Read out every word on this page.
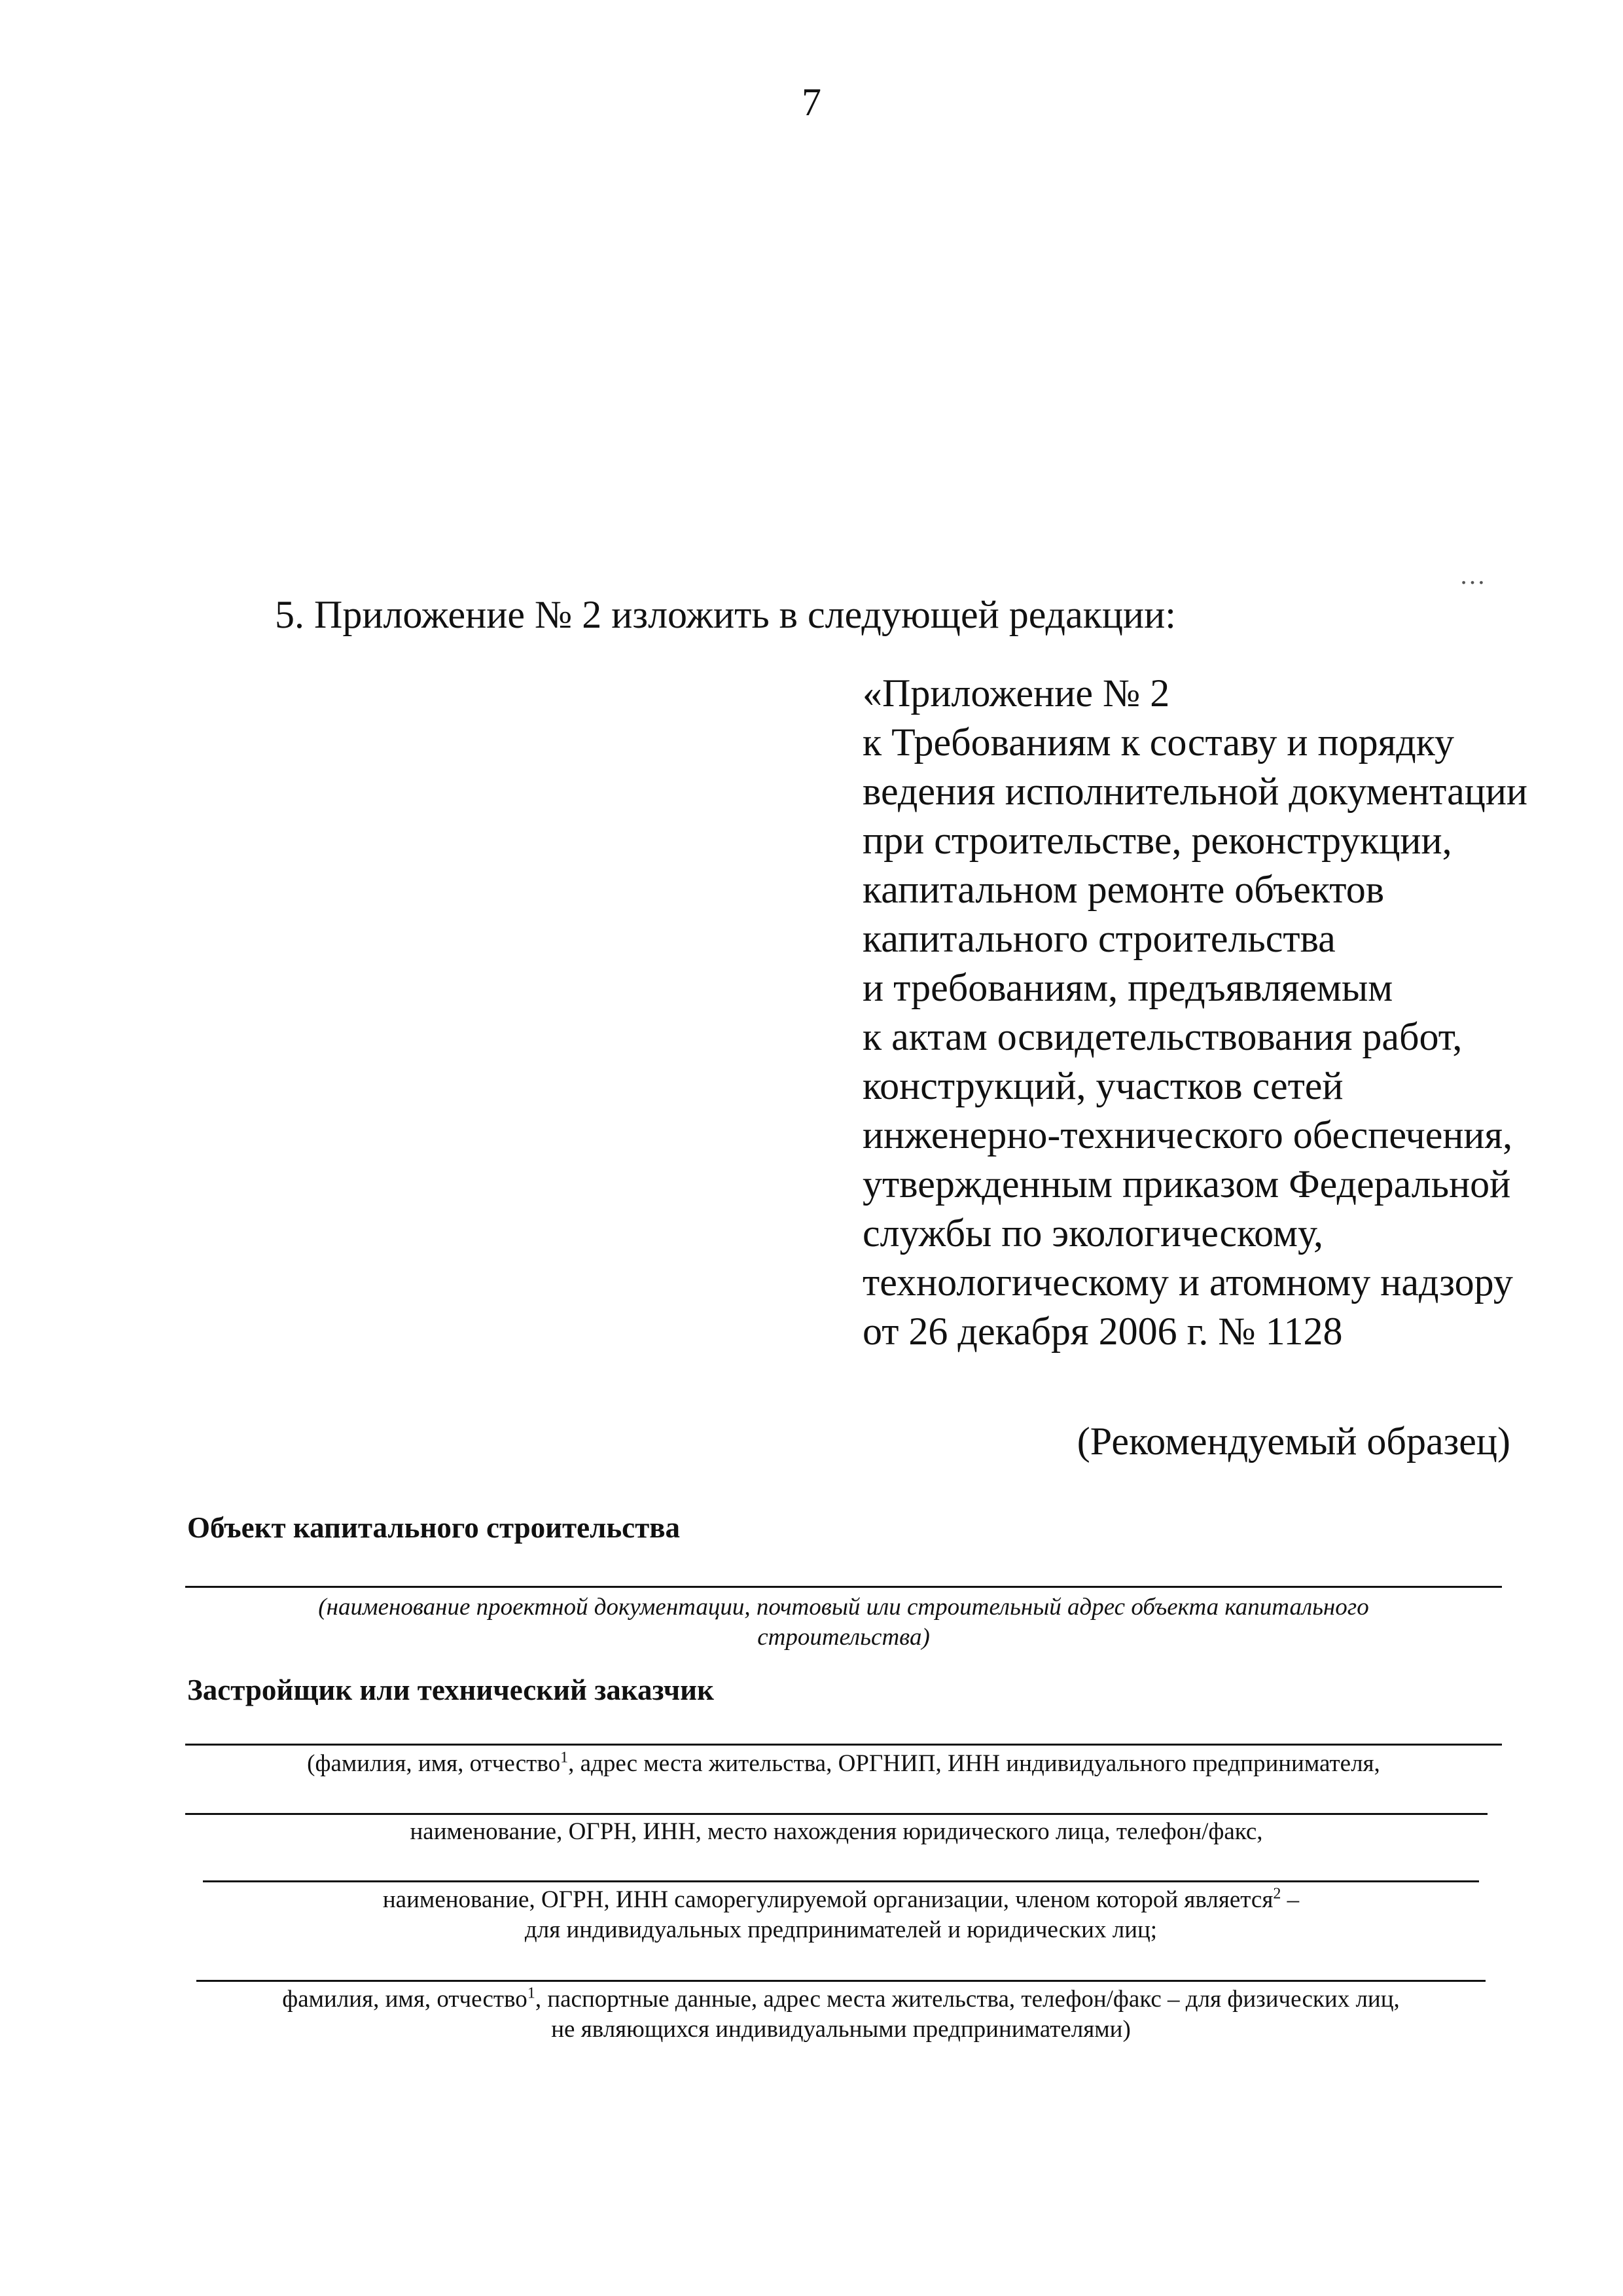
7
…
5. Приложение № 2 изложить в следующей редакции:
«Приложение № 2
к Требованиям к составу и порядку
ведения исполнительной документации
при строительстве, реконструкции,
капитальном ремонте объектов
капитального строительства
и требованиям, предъявляемым
к актам освидетельствования работ,
конструкций, участков сетей
инженерно-технического обеспечения,
утвержденным приказом Федеральной
службы по экологическому,
технологическому и атомному надзору
от 26 декабря 2006 г. № 1128
(Рекомендуемый образец)
Объект капитального строительства
(наименование проектной документации, почтовый или строительный адрес объекта капитального
строительства)
Застройщик или технический заказчик
(фамилия, имя, отчество$^1$, адрес места жительства, ОРГНИП, ИНН индивидуального предпринимателя,
наименование, ОГРН, ИНН, место нахождения юридического лица, телефон/факс,
наименование, ОГРН, ИНН саморегулируемой организации, членом которой является$^2$ –
для индивидуальных предпринимателей и юридических лиц;
фамилия, имя, отчество$^1$, паспортные данные, адрес места жительства, телефон/факс – для физических лиц,
не являющихся индивидуальными предпринимателями)
